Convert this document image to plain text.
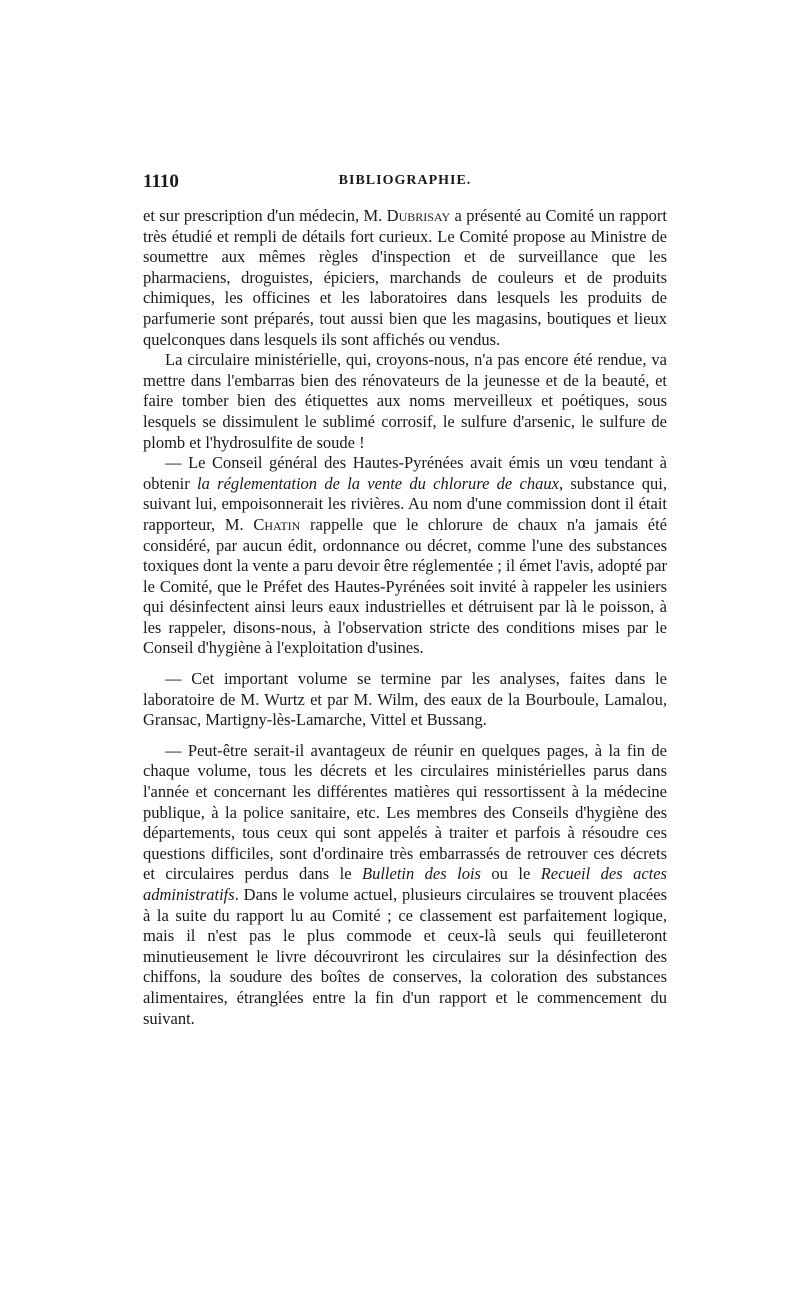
1110	BIBLIOGRAPHIE.

et sur prescription d'un médecin, M. Dubrisay a présenté au Comité un rapport très étudié et rempli de détails fort curieux. Le Comité propose au Ministre de soumettre aux mêmes règles d'inspection et de surveillance que les pharmaciens, droguistes, épiciers, marchands de couleurs et de produits chimiques, les officines et les laboratoires dans lesquels les produits de parfumerie sont préparés, tout aussi bien que les magasins, boutiques et lieux quelconques dans lesquels ils sont affichés ou vendus.

La circulaire ministérielle, qui, croyons-nous, n'a pas encore été rendue, va mettre dans l'embarras bien des rénovateurs de la jeunesse et de la beauté, et faire tomber bien des étiquettes aux noms merveilleux et poétiques, sous lesquels se dissimulent le sublimé corrosif, le sulfure d'arsenic, le sulfure de plomb et l'hydrosulfite de soude !

— Le Conseil général des Hautes-Pyrénées avait émis un vœu tendant à obtenir la réglementation de la vente du chlorure de chaux, substance qui, suivant lui, empoisonnerait les rivières. Au nom d'une commission dont il était rapporteur, M. Chatin rappelle que le chlorure de chaux n'a jamais été considéré, par aucun édit, ordonnance ou décret, comme l'une des substances toxiques dont la vente a paru devoir être réglementée ; il émet l'avis, adopté par le Comité, que le Préfet des Hautes-Pyrénées soit invité à rappeler les usiniers qui désinfectent ainsi leurs eaux industrielles et détruisent par là le poisson, à les rappeler, disons-nous, à l'observation stricte des conditions mises par le Conseil d'hygiène à l'exploitation d'usines.

— Cet important volume se termine par les analyses, faites dans le laboratoire de M. Wurtz et par M. Wilm, des eaux de la Bourboule, Lamalou, Gransac, Martigny-lès-Lamarche, Vittel et Bussang.

— Peut-être serait-il avantageux de réunir en quelques pages, à la fin de chaque volume, tous les décrets et les circulaires ministérielles parus dans l'année et concernant les différentes matières qui ressortissent à la médecine publique, à la police sanitaire, etc. Les membres des Conseils d'hygiène des départements, tous ceux qui sont appelés à traiter et parfois à résoudre ces questions difficiles, sont d'ordinaire très embarrassés de retrouver ces décrets et circulaires perdus dans le Bulletin des lois ou le Recueil des actes administratifs. Dans le volume actuel, plusieurs circulaires se trouvent placées à la suite du rapport lu au Comité ; ce classement est parfaitement logique, mais il n'est pas le plus commode et ceux-là seuls qui feuilleteront minutieusement le livre découvriront les circulaires sur la désinfection des chiffons, la soudure des boîtes de conserves, la coloration des substances alimentaires, étranglées entre la fin d'un rapport et le commencement du suivant.
